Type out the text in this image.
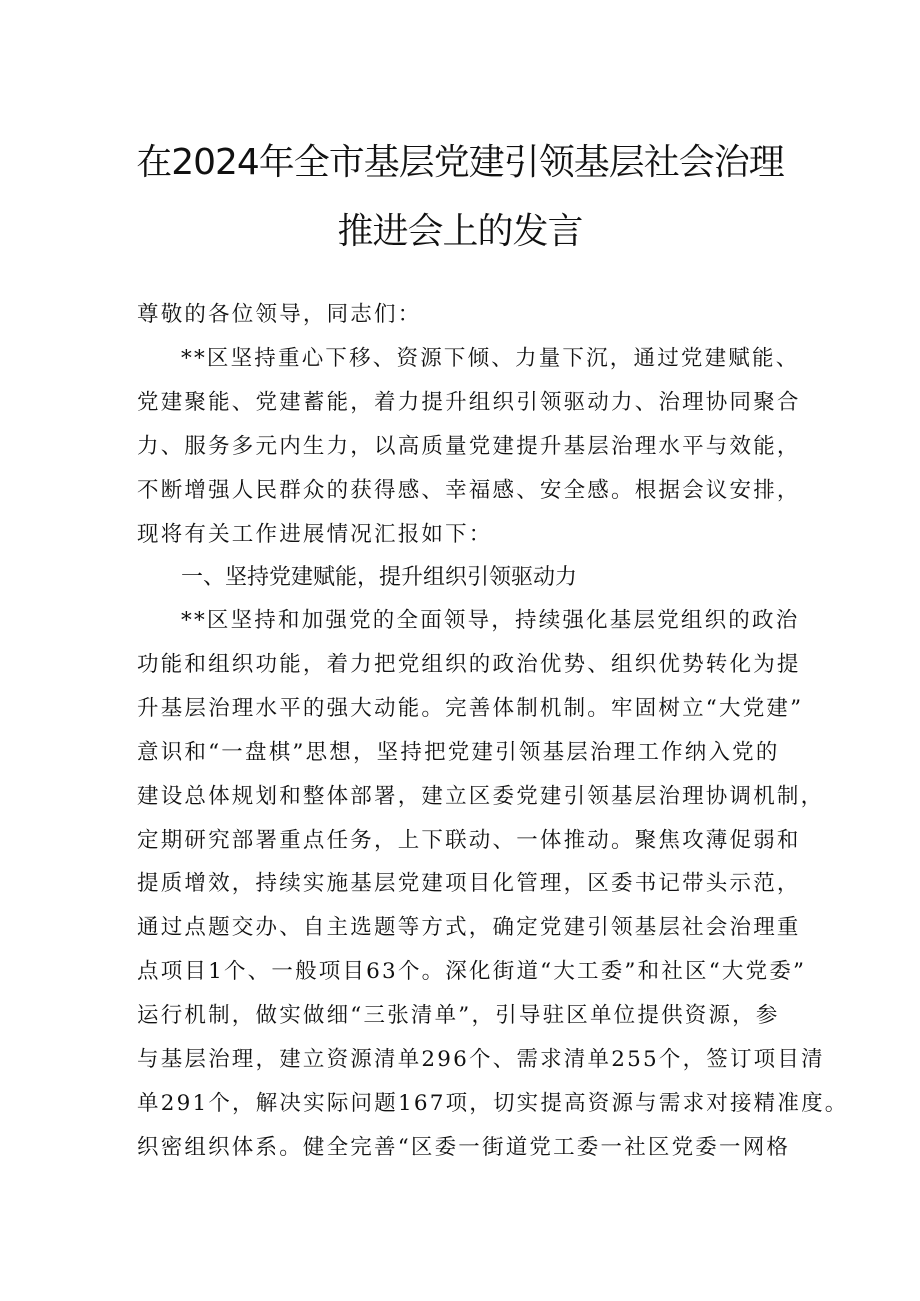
在2024年全市基层党建引领基层社会治理
推进会上的发言
尊敬的各位领导，同志们：
**区坚持重心下移、资源下倾、力量下沉，通过党建赋能、
党建聚能、党建蓄能，着力提升组织引领驱动力、治理协同聚合
力、服务多元内生力，以高质量党建提升基层治理水平与效能，
不断增强人民群众的获得感、幸福感、安全感。根据会议安排，
现将有关工作进展情况汇报如下：
一、坚持党建赋能，提升组织引领驱动力
**区坚持和加强党的全面领导，持续强化基层党组织的政治
功能和组织功能，着力把党组织的政治优势、组织优势转化为提
升基层治理水平的强大动能。完善体制机制。牢固树立“大党建”
意识和“一盘棋”思想，坚持把党建引领基层治理工作纳入党的
建设总体规划和整体部署，建立区委党建引领基层治理协调机制，
定期研究部署重点任务，上下联动、一体推动。聚焦攻薄促弱和
提质增效，持续实施基层党建项目化管理，区委书记带头示范，
通过点题交办、自主选题等方式，确定党建引领基层社会治理重
点项目1个、一般项目63个。深化街道“大工委”和社区“大党委”
运行机制，做实做细“三张清单”，引导驻区单位提供资源，参
与基层治理，建立资源清单296个、需求清单255个，签订项目清
单291个，解决实际问题167项，切实提高资源与需求对接精准度。
织密组织体系。健全完善“区委一街道党工委一社区党委一网格
